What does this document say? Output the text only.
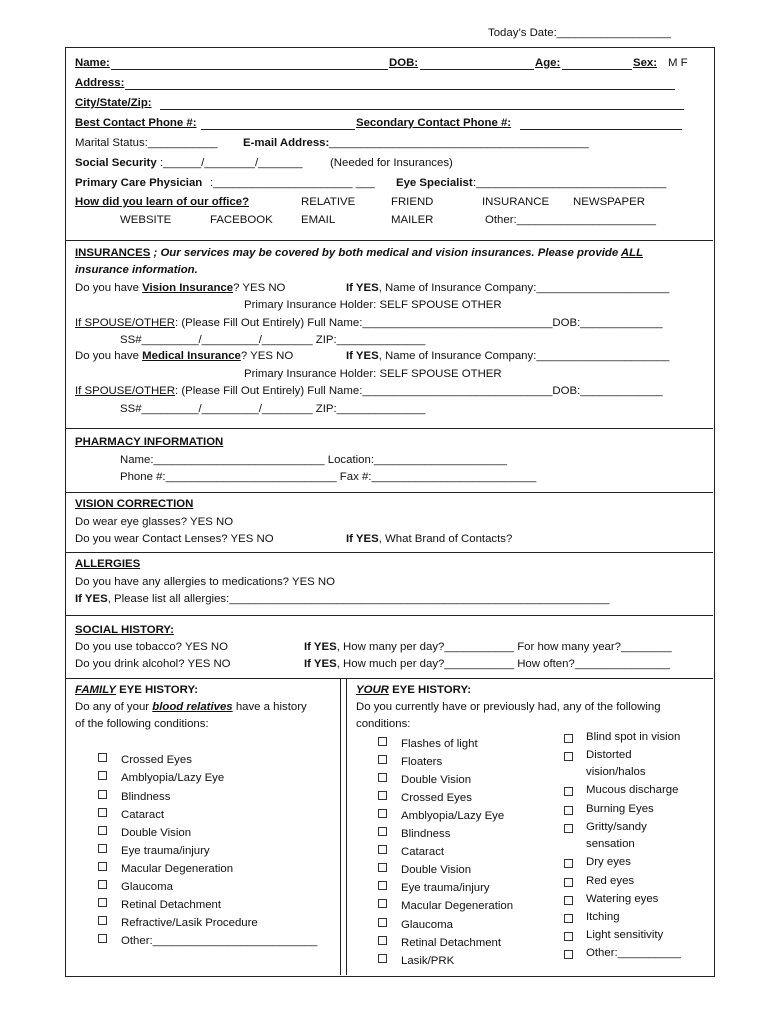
Today’s Date:__________________
Name:	DOB:	Age:	Sex: M F
Address:
City/State/Zip:
Best Contact Phone #:	Secondary Contact Phone #:
Marital Status:___________ E-mail Address: _________________________________________
Social Security :______/________/_______ (Needed for Insurances)
Primary Care Physician :______________________ ___ Eye Specialist :______________________________
How did you learn of our office?	RELATIVE	FRIEND	INSURANCE NEWSPAPER
WEBSITE	FACEBOOK EMAIL	MAILER	Other:______________________
INSURANCES ; Our services may be covered by both medical and vision insurances. Please provide ALL
insurance information.
Do you have Vision Insurance? YES NO	If YES, Name of Insurance Company:_____________________
Primary Insurance Holder: SELF SPOUSE OTHER
If SPOUSE/OTHER: (Please Fill Out Entirely) Full Name:______________________________DOB:_____________
SS#_________/_________/________ ZIP:______________
Do you have Medical Insurance? YES NO	If YES, Name of Insurance Company:_____________________
Primary Insurance Holder: SELF SPOUSE OTHER
If SPOUSE/OTHER: (Please Fill Out Entirely) Full Name:______________________________DOB:_____________
SS#_________/_________/________ ZIP:______________
PHARMACY INFORMATION
Name:___________________________ Location:_____________________
Phone #:___________________________ Fax #:__________________________
VISION CORRECTION
Do wear eye glasses? YES NO
Do you wear Contact Lenses? YES NO	If YES, What Brand of Contacts?
ALLERGIES
Do you have any allergies to medications? YES NO
If YES, Please list all allergies:____________________________________________________________
SOCIAL HISTORY:
Do you use tobacco? YES NO	If YES, How many per day?___________ For how many year?________
Do you drink alcohol? YES NO	If YES, How much per day?___________ How often?_______________
FAMILY EYE HISTORY:
Do any of your blood relatives have a history
of the following conditions:
Crossed Eyes
Amblyopia/Lazy Eye
Blindness
Cataract
Double Vision
Eye trauma/injury
Macular Degeneration
Glaucoma
Retinal Detachment
Refractive/Lasik Procedure
Other:__________________________
YOUR EYE HISTORY:
Do you currently have or previously had, any of the following
conditions:
Flashes of light
Floaters
Double Vision
Crossed Eyes
Amblyopia/Lazy Eye
Blindness
Cataract
Double Vision
Eye trauma/injury
Macular Degeneration
Glaucoma
Retinal Detachment
Lasik/PRK
Blind spot in vision
Distorted vision/halos
Mucous discharge
Burning Eyes
Gritty/sandy sensation
Dry eyes
Red eyes
Watering eyes
Itching
Light sensitivity
Other:__________
